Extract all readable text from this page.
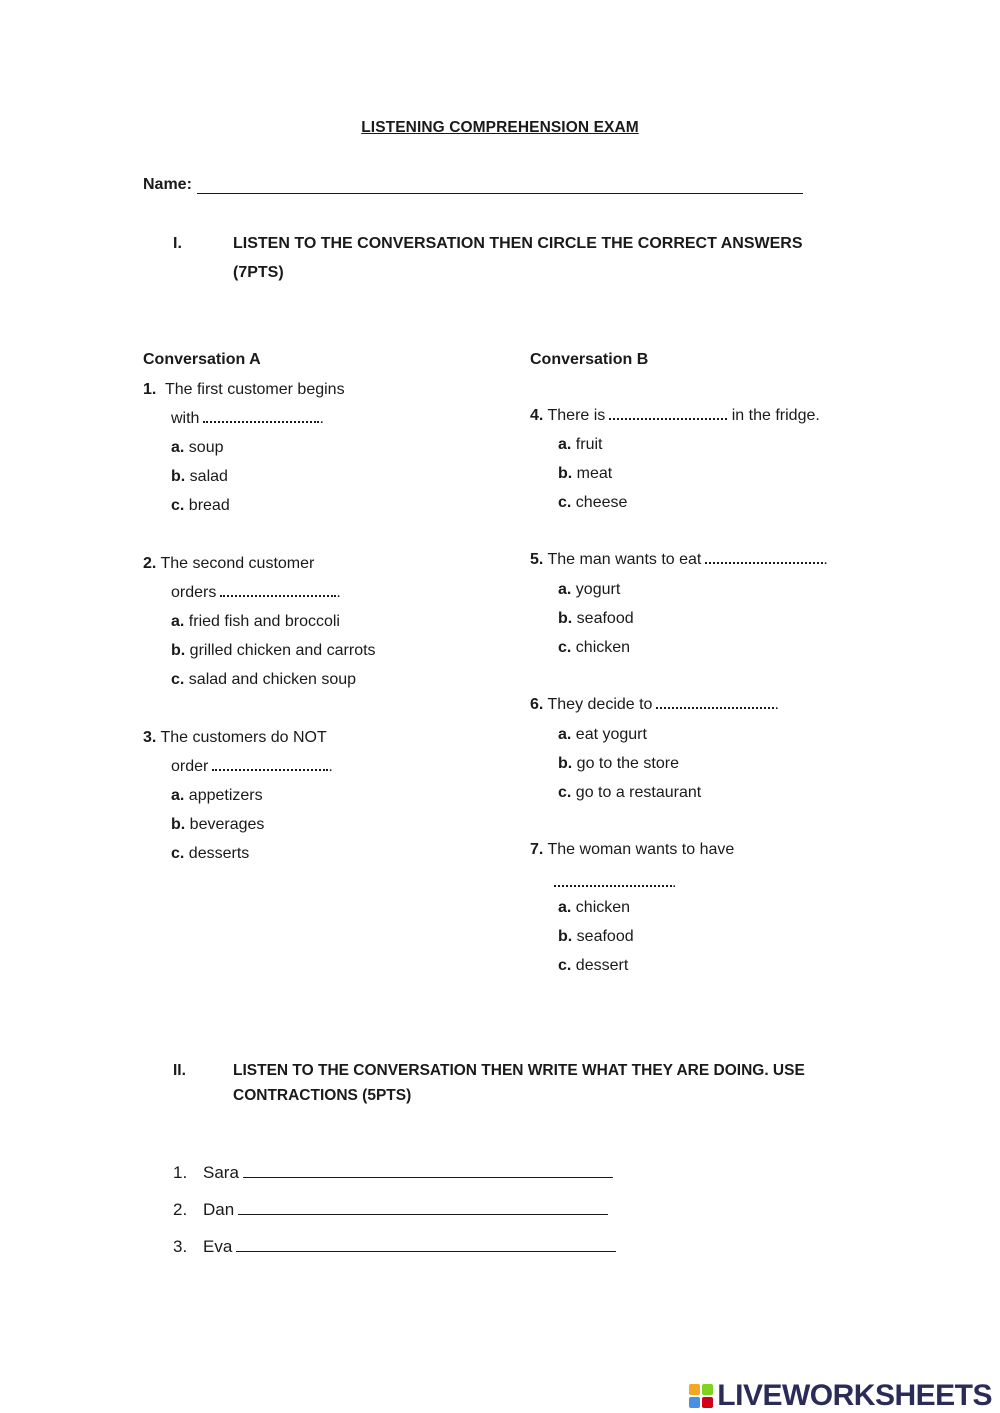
LISTENING COMPREHENSION EXAM
Name:
I.	LISTEN TO THE CONVERSATION THEN CIRCLE THE CORRECT ANSWERS (7PTS)
Conversation A
1. The first customer begins
with	.
a. soup
b. salad
c. bread
2. The second customer
orders	.
a. fried fish and broccoli
b. grilled chicken and carrots
c. salad and chicken soup
3. The customers do NOT
order	.
a. appetizers
b. beverages
c. desserts
Conversation B
4. There is	in the fridge.
a. fruit
b. meat
c. cheese
5. The man wants to eat	.
a. yogurt
b. seafood
c. chicken
6. They decide to	.
a. eat yogurt
b. go to the store
c. go to a restaurant
7. The woman wants to have
.
a. chicken
b. seafood
c. dessert
II.	LISTEN TO THE CONVERSATION THEN WRITE WHAT THEY ARE DOING. USE
CONTRACTIONS (5PTS)
1. Sara
2. Dan
3. Eva
LIVEWORKSHEETS
